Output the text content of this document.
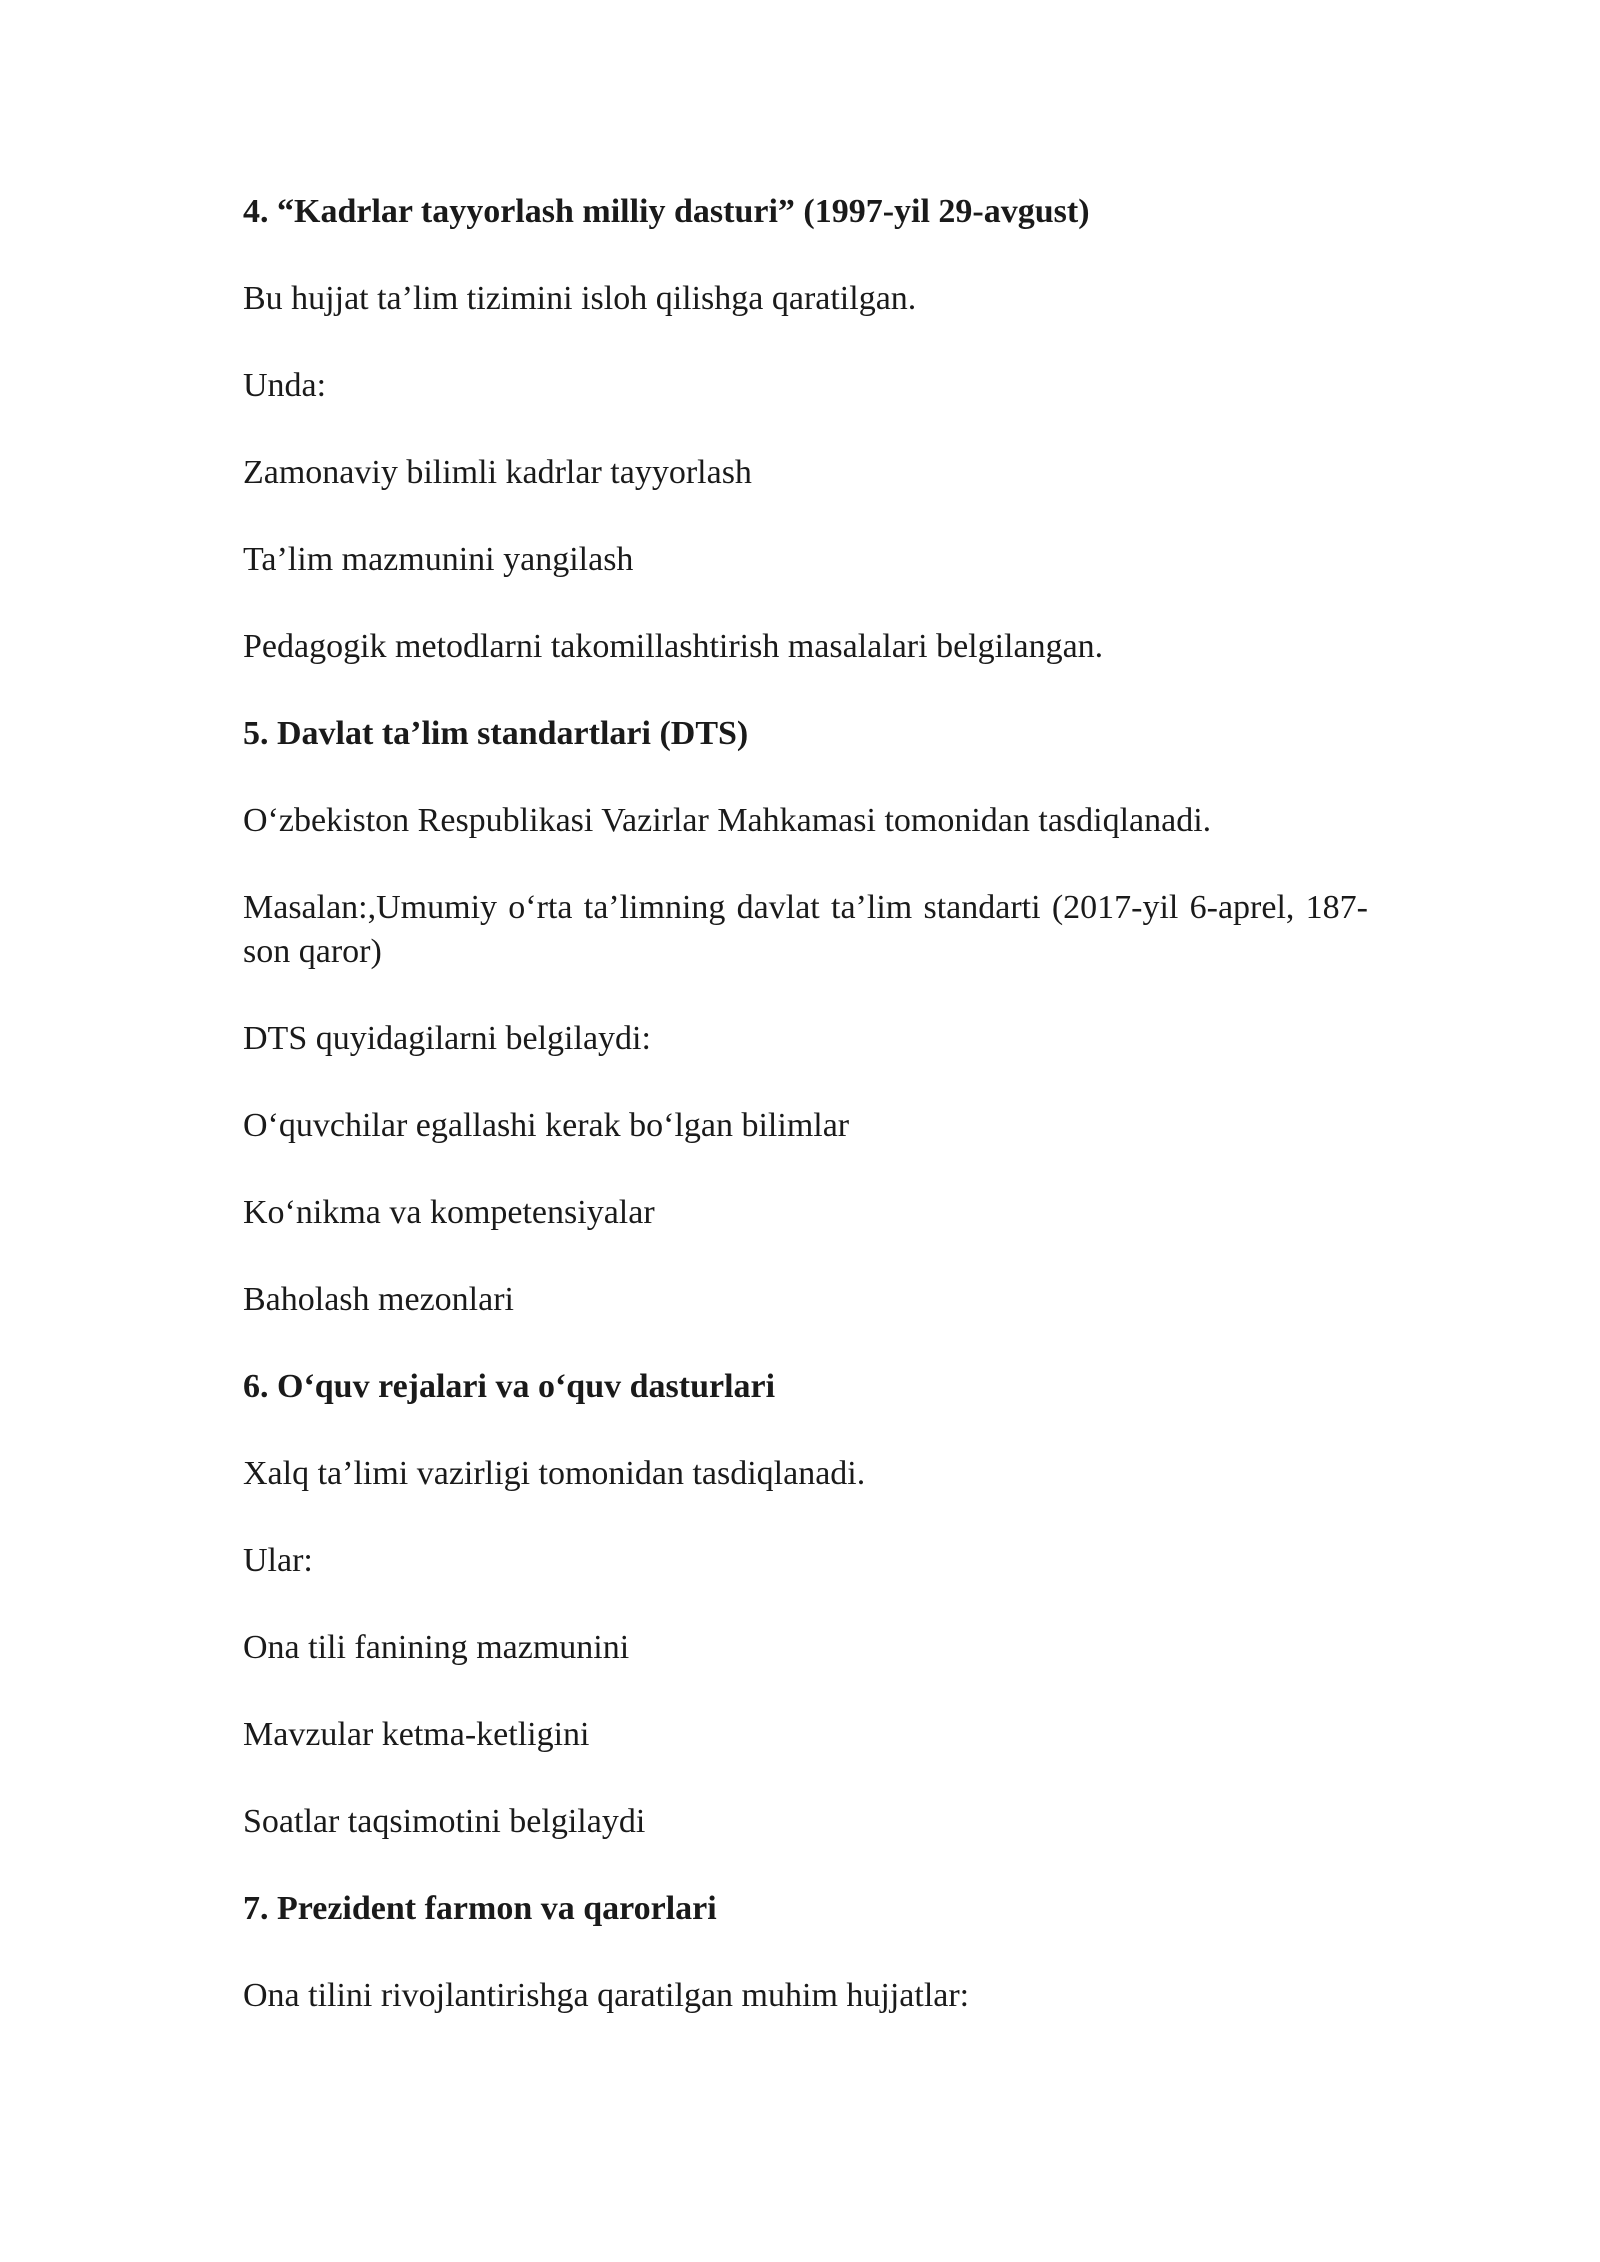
4. “Kadrlar tayyorlash milliy dasturi” (1997-yil 29-avgust)
Bu hujjat ta’lim tizimini isloh qilishga qaratilgan.
Unda:
Zamonaviy bilimli kadrlar tayyorlash
Ta’lim mazmunini yangilash
Pedagogik metodlarni takomillashtirish masalalari belgilangan.
5. Davlat ta’lim standartlari (DTS)
O‘zbekiston Respublikasi Vazirlar Mahkamasi tomonidan tasdiqlanadi.
Masalan:,Umumiy o‘rta ta’limning davlat ta’lim standarti (2017-yil 6-aprel, 187-son qaror)
DTS quyidagilarni belgilaydi:
O‘quvchilar egallashi kerak bo‘lgan bilimlar
Ko‘nikma va kompetensiyalar
Baholash mezonlari
6. O‘quv rejalari va o‘quv dasturlari
Xalq ta’limi vazirligi tomonidan tasdiqlanadi.
Ular:
Ona tili fanining mazmunini
Mavzular ketma-ketligini
Soatlar taqsimotini belgilaydi
7. Prezident farmon va qarorlari
Ona tilini rivojlantirishga qaratilgan muhim hujjatlar:
